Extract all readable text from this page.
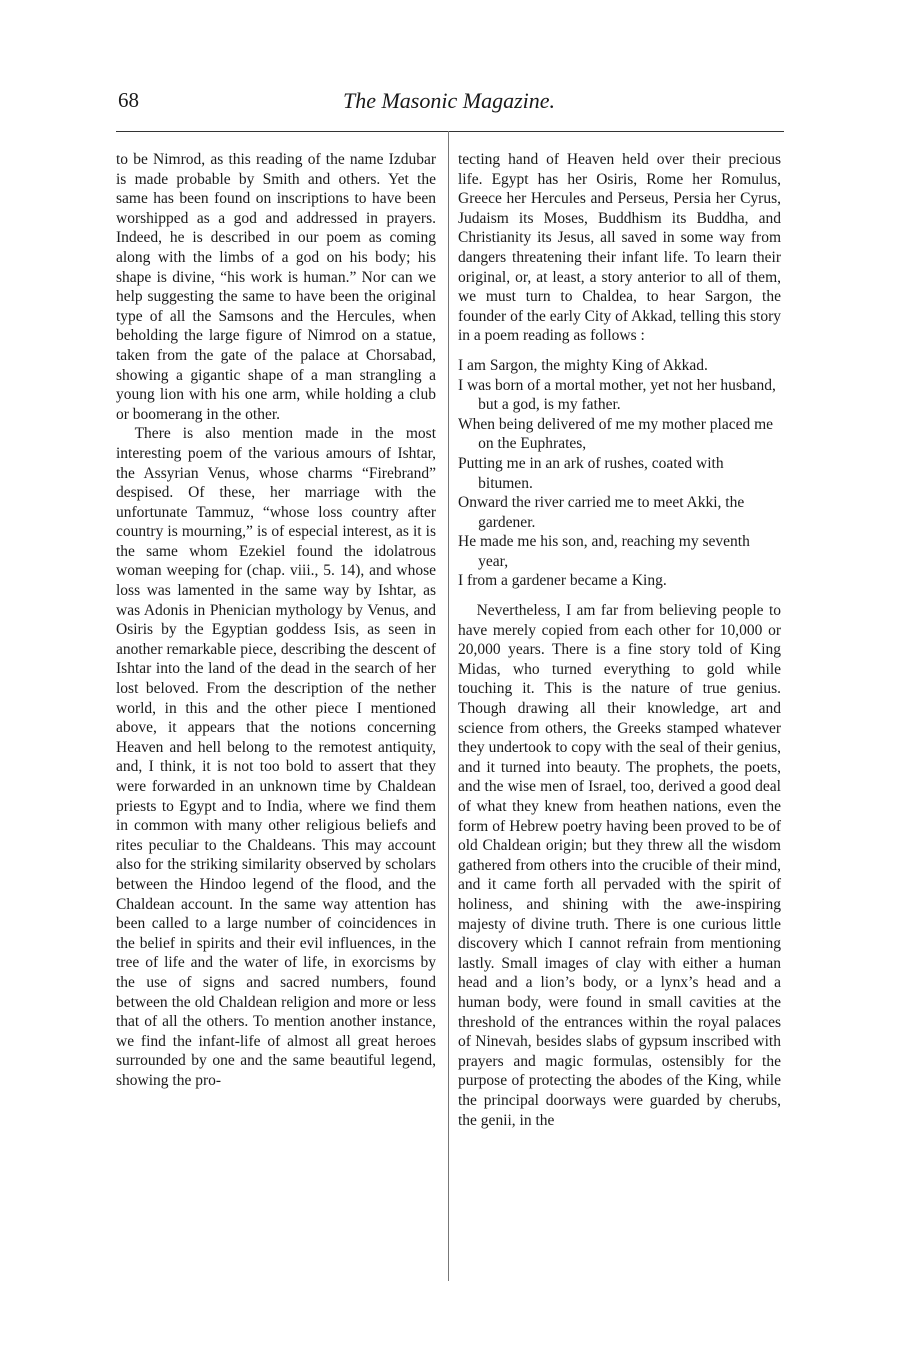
68	The Masonic Magazine.

to be Nimrod, as this reading of the name Izdubar is made probable by Smith and others. Yet the same has been found on inscriptions to have been worshipped as a god and addressed in prayers. Indeed, he is described in our poem as coming along with the limbs of a god on his body; his shape is divine, “his work is human.” Nor can we help suggesting the same to have been the original type of all the Samsons and the Hercules, when beholding the large figure of Nimrod on a statue, taken from the gate of the palace at Chorsabad, showing a gigantic shape of a man strangling a young lion with his one arm, while holding a club or boomerang in the other.

There is also mention made in the most interesting poem of the various amours of Ishtar, the Assyrian Venus, whose charms “Firebrand” despised. Of these, her marriage with the unfortunate Tammuz, “whose loss country after country is mourning,” is of especial interest, as it is the same whom Ezekiel found the idolatrous woman weeping for (chap. viii., 5. 14), and whose loss was lamented in the same way by Ishtar, as was Adonis in Phenician mythology by Venus, and Osiris by the Egyptian goddess Isis, as seen in another remarkable piece, describing the descent of Ishtar into the land of the dead in the search of her lost beloved. From the description of the nether world, in this and the other piece I mentioned above, it appears that the notions concerning Heaven and hell belong to the remotest antiquity, and, I think, it is not too bold to assert that they were forwarded in an unknown time by Chaldean priests to Egypt and to India, where we find them in common with many other religious beliefs and rites peculiar to the Chaldeans. This may account also for the striking similarity observed by scholars between the Hindoo legend of the flood, and the Chaldean account. In the same way attention has been called to a large number of coincidences in the belief in spirits and their evil influences, in the tree of life and the water of life, in exorcisms by the use of signs and sacred numbers, found between the old Chaldean religion and more or less that of all the others. To mention another instance, we find the infant-life of almost all great heroes surrounded by one and the same beautiful legend, showing the pro-

tecting hand of Heaven held over their precious life. Egypt has her Osiris, Rome her Romulus, Greece her Hercules and Perseus, Persia her Cyrus, Judaism its Moses, Buddhism its Buddha, and Christianity its Jesus, all saved in some way from dangers threatening their infant life. To learn their original, or, at least, a story anterior to all of them, we must turn to Chaldea, to hear Sargon, the founder of the early City of Akkad, telling this story in a poem reading as follows :

I am Sargon, the mighty King of Akkad.

I was born of a mortal mother, yet not her husband, but a god, is my father.

When being delivered of me my mother placed me on the Euphrates,

Putting me in an ark of rushes, coated with bitumen.

Onward the river carried me to meet Akki, the gardener.

He made me his son, and, reaching my seventh year,

I from a gardener became a King.

Nevertheless, I am far from believing people to have merely copied from each other for 10,000 or 20,000 years. There is a fine story told of King Midas, who turned everything to gold while touching it. This is the nature of true genius. Though drawing all their knowledge, art and science from others, the Greeks stamped whatever they undertook to copy with the seal of their genius, and it turned into beauty. The prophets, the poets, and the wise men of Israel, too, derived a good deal of what they knew from heathen nations, even the form of Hebrew poetry having been proved to be of old Chaldean origin; but they threw all the wisdom gathered from others into the crucible of their mind, and it came forth all pervaded with the spirit of holiness, and shining with the awe-inspiring majesty of divine truth. There is one curious little discovery which I cannot refrain from mentioning lastly. Small images of clay with either a human head and a lion’s body, or a lynx’s head and a human body, were found in small cavities at the threshold of the entrances within the royal palaces of Ninevah, besides slabs of gypsum inscribed with prayers and magic formulas, ostensibly for the purpose of protecting the abodes of the King, while the principal doorways were guarded by cherubs, the genii, in the
